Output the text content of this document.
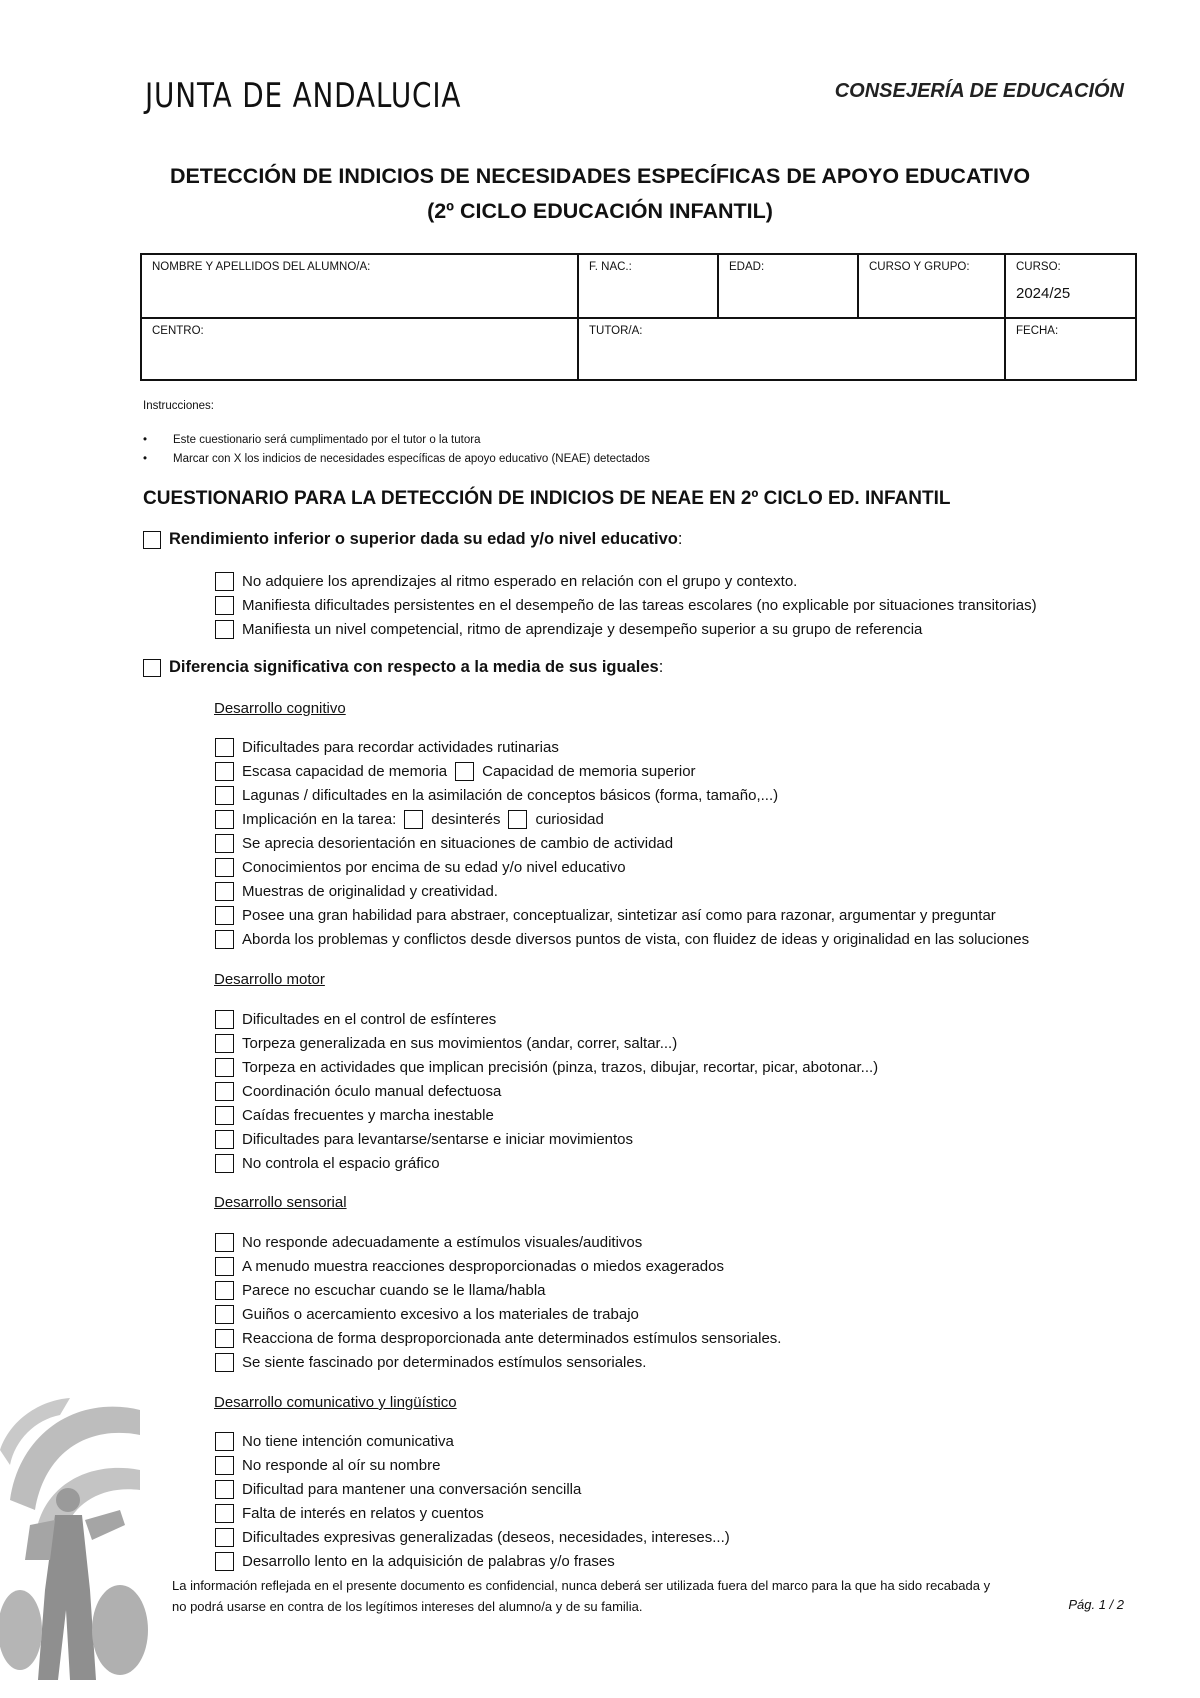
JUNTA DE ANDALUCIA	CONSEJERÍA DE EDUCACIÓN
DETECCIÓN DE INDICIOS DE NECESIDADES ESPECÍFICAS DE APOYO EDUCATIVO
(2º CICLO EDUCACIÓN INFANTIL)
NOMBRE Y APELLIDOS DEL ALUMNO/A:	F. NAC.:	EDAD:	CURSO Y GRUPO:	CURSO:
2024/25

CENTRO:	TUTOR/A:			FECHA:
Instrucciones:
• Este cuestionario será cumplimentado por el tutor o la tutora
• Marcar con X los indicios de necesidades específicas de apoyo educativo (NEAE) detectados
CUESTIONARIO PARA LA DETECCIÓN DE INDICIOS DE NEAE EN 2º CICLO ED. INFANTIL
Rendimiento inferior o superior dada su edad y/o nivel educativo :
No adquiere los aprendizajes al ritmo esperado en relación con el grupo y contexto.
Manifiesta dificultades persistentes en el desempeño de las tareas escolares (no explicable por situaciones transitorias)
Manifiesta un nivel competencial, ritmo de aprendizaje y desempeño superior a su grupo de referencia
Diferencia significativa con respecto a la media de sus iguales :
Desarrollo cognitivo
Dificultades para recordar actividades rutinarias
Escasa capacidad de memoria Capacidad de memoria superior
Lagunas / dificultades en la asimilación de conceptos básicos (forma, tamaño,...)
Implicación en la tarea: desinterés curiosidad
Se aprecia desorientación en situaciones de cambio de actividad
Conocimientos por encima de su edad y/o nivel educativo
Muestras de originalidad y creatividad.
Posee una gran habilidad para abstraer, conceptualizar, sintetizar así como para razonar, argumentar y preguntar
Aborda los problemas y conflictos desde diversos puntos de vista, con fluidez de ideas y originalidad en las soluciones
Desarrollo motor
Dificultades en el control de esfínteres
Torpeza generalizada en sus movimientos (andar, correr, saltar...)
Torpeza en actividades que implican precisión (pinza, trazos, dibujar, recortar, picar, abotonar...)
Coordinación óculo manual defectuosa
Caídas frecuentes y marcha inestable
Dificultades para levantarse/sentarse e iniciar movimientos
No controla el espacio gráfico
Desarrollo sensorial
No responde adecuadamente a estímulos visuales/auditivos
A menudo muestra reacciones desproporcionadas o miedos exagerados
Parece no escuchar cuando se le llama/habla
Guiños o acercamiento excesivo a los materiales de trabajo
Reacciona de forma desproporcionada ante determinados estímulos sensoriales.
Se siente fascinado por determinados estímulos sensoriales.
Desarrollo comunicativo y lingüístico
No tiene intención comunicativa
No responde al oír su nombre
Dificultad para mantener una conversación sencilla
Falta de interés en relatos y cuentos
Dificultades expresivas generalizadas (deseos, necesidades, intereses...)
Desarrollo lento en la adquisición de palabras y/o frases
La información reflejada en el presente documento es confidencial, nunca deberá ser utilizada fuera del marco para la que ha sido recabada y
no podrá usarse en contra de los legítimos intereses del alumno/a y de su familia.	Pág. 1 / 2
